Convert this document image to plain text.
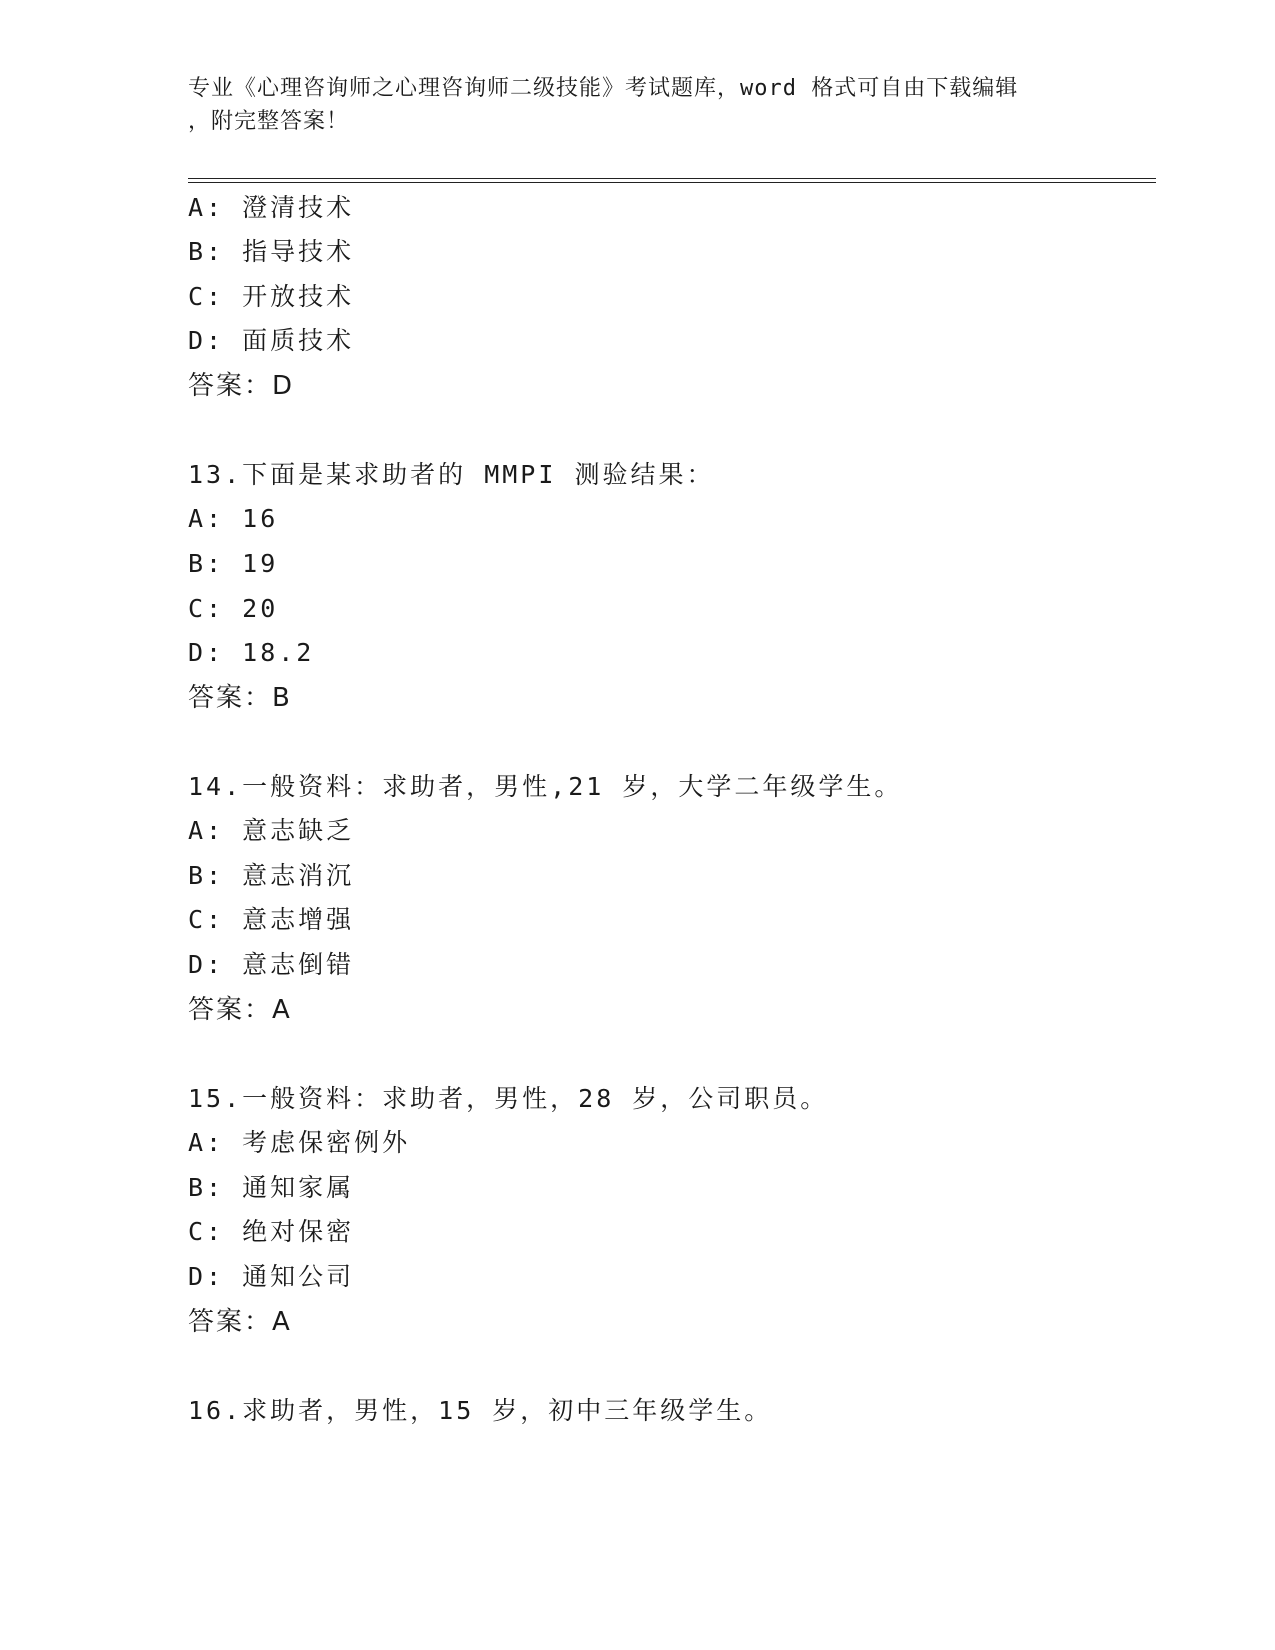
专业《心理咨询师之心理咨询师二级技能》考试题库，word 格式可自由下载编辑
，附完整答案！
A: 澄清技术
B: 指导技术
C: 开放技术
D: 面质技术
答案：D
13.下面是某求助者的 MMPI 测验结果：
A: 16
B: 19
C: 20
D: 18.2
答案：B
14.一般资料：求助者，男性,21 岁，大学二年级学生。
A: 意志缺乏
B: 意志消沉
C: 意志增强
D: 意志倒错
答案：A
15.一般资料：求助者，男性，28 岁，公司职员。
A: 考虑保密例外
B: 通知家属
C: 绝对保密
D: 通知公司
答案：A
16.求助者，男性，15 岁，初中三年级学生。
